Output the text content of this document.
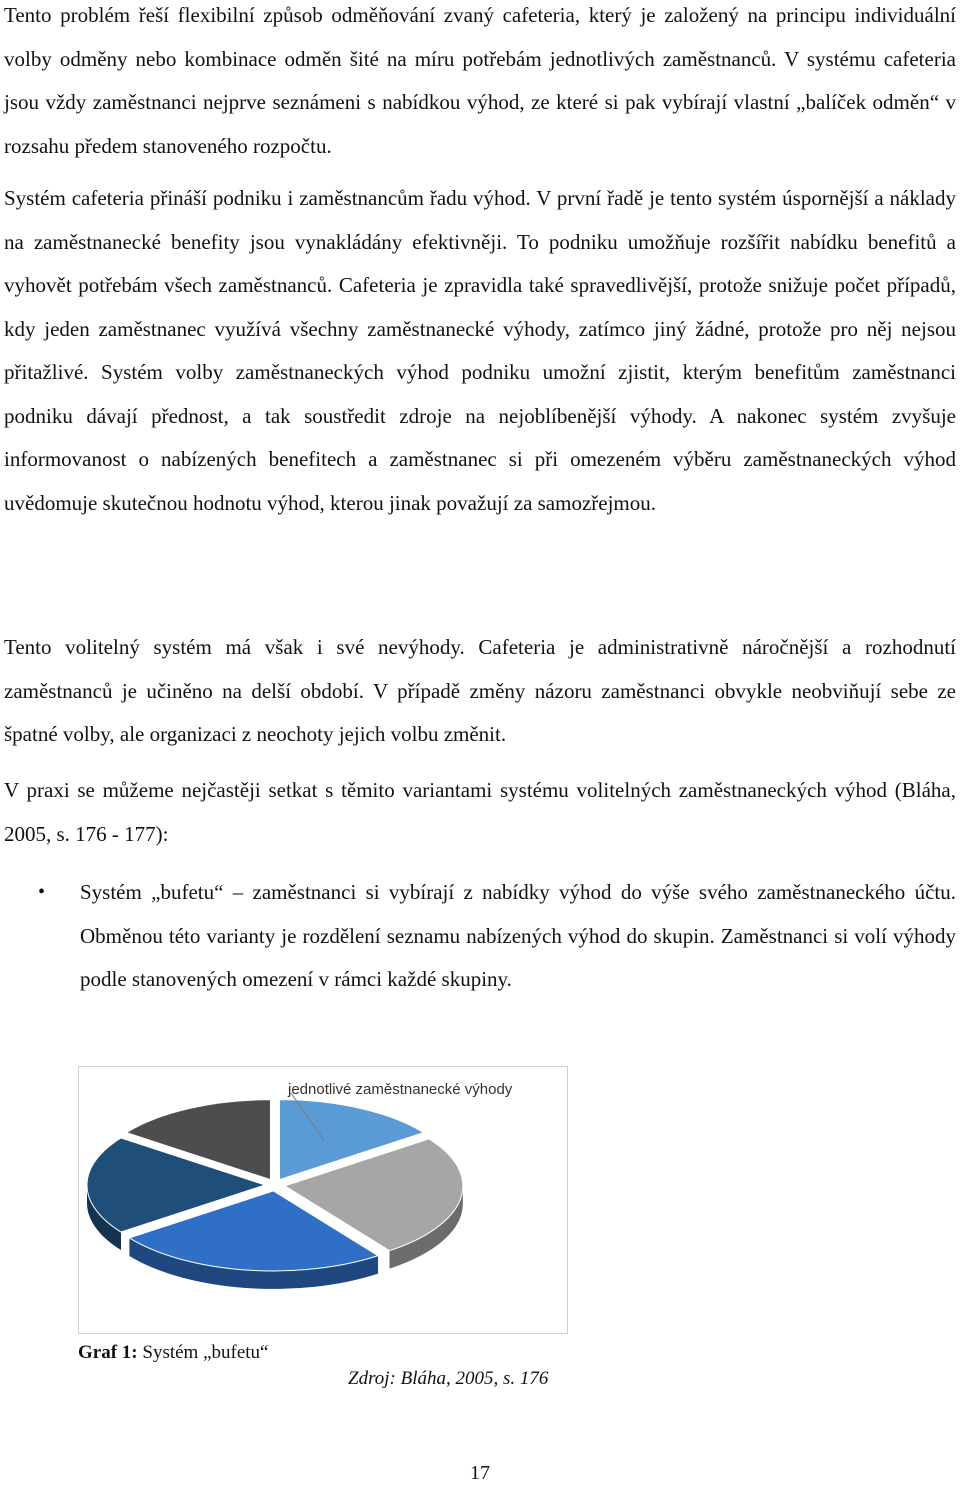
Tento problém řeší flexibilní způsob odměňování zvaný cafeteria, který je založený na principu individuální volby odměny nebo kombinace odměn šité na míru potřebám jednotlivých zaměstnanců. V systému cafeteria jsou vždy zaměstnanci nejprve seznámeni s nabídkou výhod, ze které si pak vybírají vlastní „balíček odměn“ v rozsahu předem stanoveného rozpočtu.

Systém cafeteria přináší podniku i zaměstnancům řadu výhod. V první řadě je tento systém úspornější a náklady na zaměstnanecké benefity jsou vynakládány efektivněji. To podniku umožňuje rozšířit nabídku benefitů a vyhovět potřebám všech zaměstnanců. Cafeteria je zpravidla také spravedlivější, protože snižuje počet případů, kdy jeden zaměstnanec využívá všechny zaměstnanecké výhody, zatímco jiný žádné, protože pro něj nejsou přitažlivé. Systém volby zaměstnaneckých výhod podniku umožní zjistit, kterým benefitům zaměstnanci podniku dávají přednost, a tak soustředit zdroje na nejoblíbenější výhody. A nakonec systém zvyšuje informovanost o nabízených benefitech a zaměstnanec si při omezeném výběru zaměstnaneckých výhod uvědomuje skutečnou hodnotu výhod, kterou jinak považují za samozřejmou.

Tento volitelný systém má však i své nevýhody. Cafeteria je administrativně náročnější a rozhodnutí zaměstnanců je učiněno na delší období. V případě změny názoru zaměstnanci obvykle neobviňují sebe ze špatné volby, ale organizaci z neochoty jejich volbu změnit.

V praxi se můžeme nejčastěji setkat s těmito variantami systému volitelných zaměstnaneckých výhod (Bláha, 2005, s. 176 - 177):

• Systém „bufetu“ – zaměstnanci si vybírají z nabídky výhod do výše svého zaměstnaneckého účtu. Obměnou této varianty je rozdělení seznamu nabízených výhod do skupin. Zaměstnanci si volí výhody podle stanovených omezení v rámci každé skupiny.

jednotlivé zaměstnanecké výhody
Graf 1: Systém „bufetu“
Zdroj: Bláha, 2005, s. 176
17
